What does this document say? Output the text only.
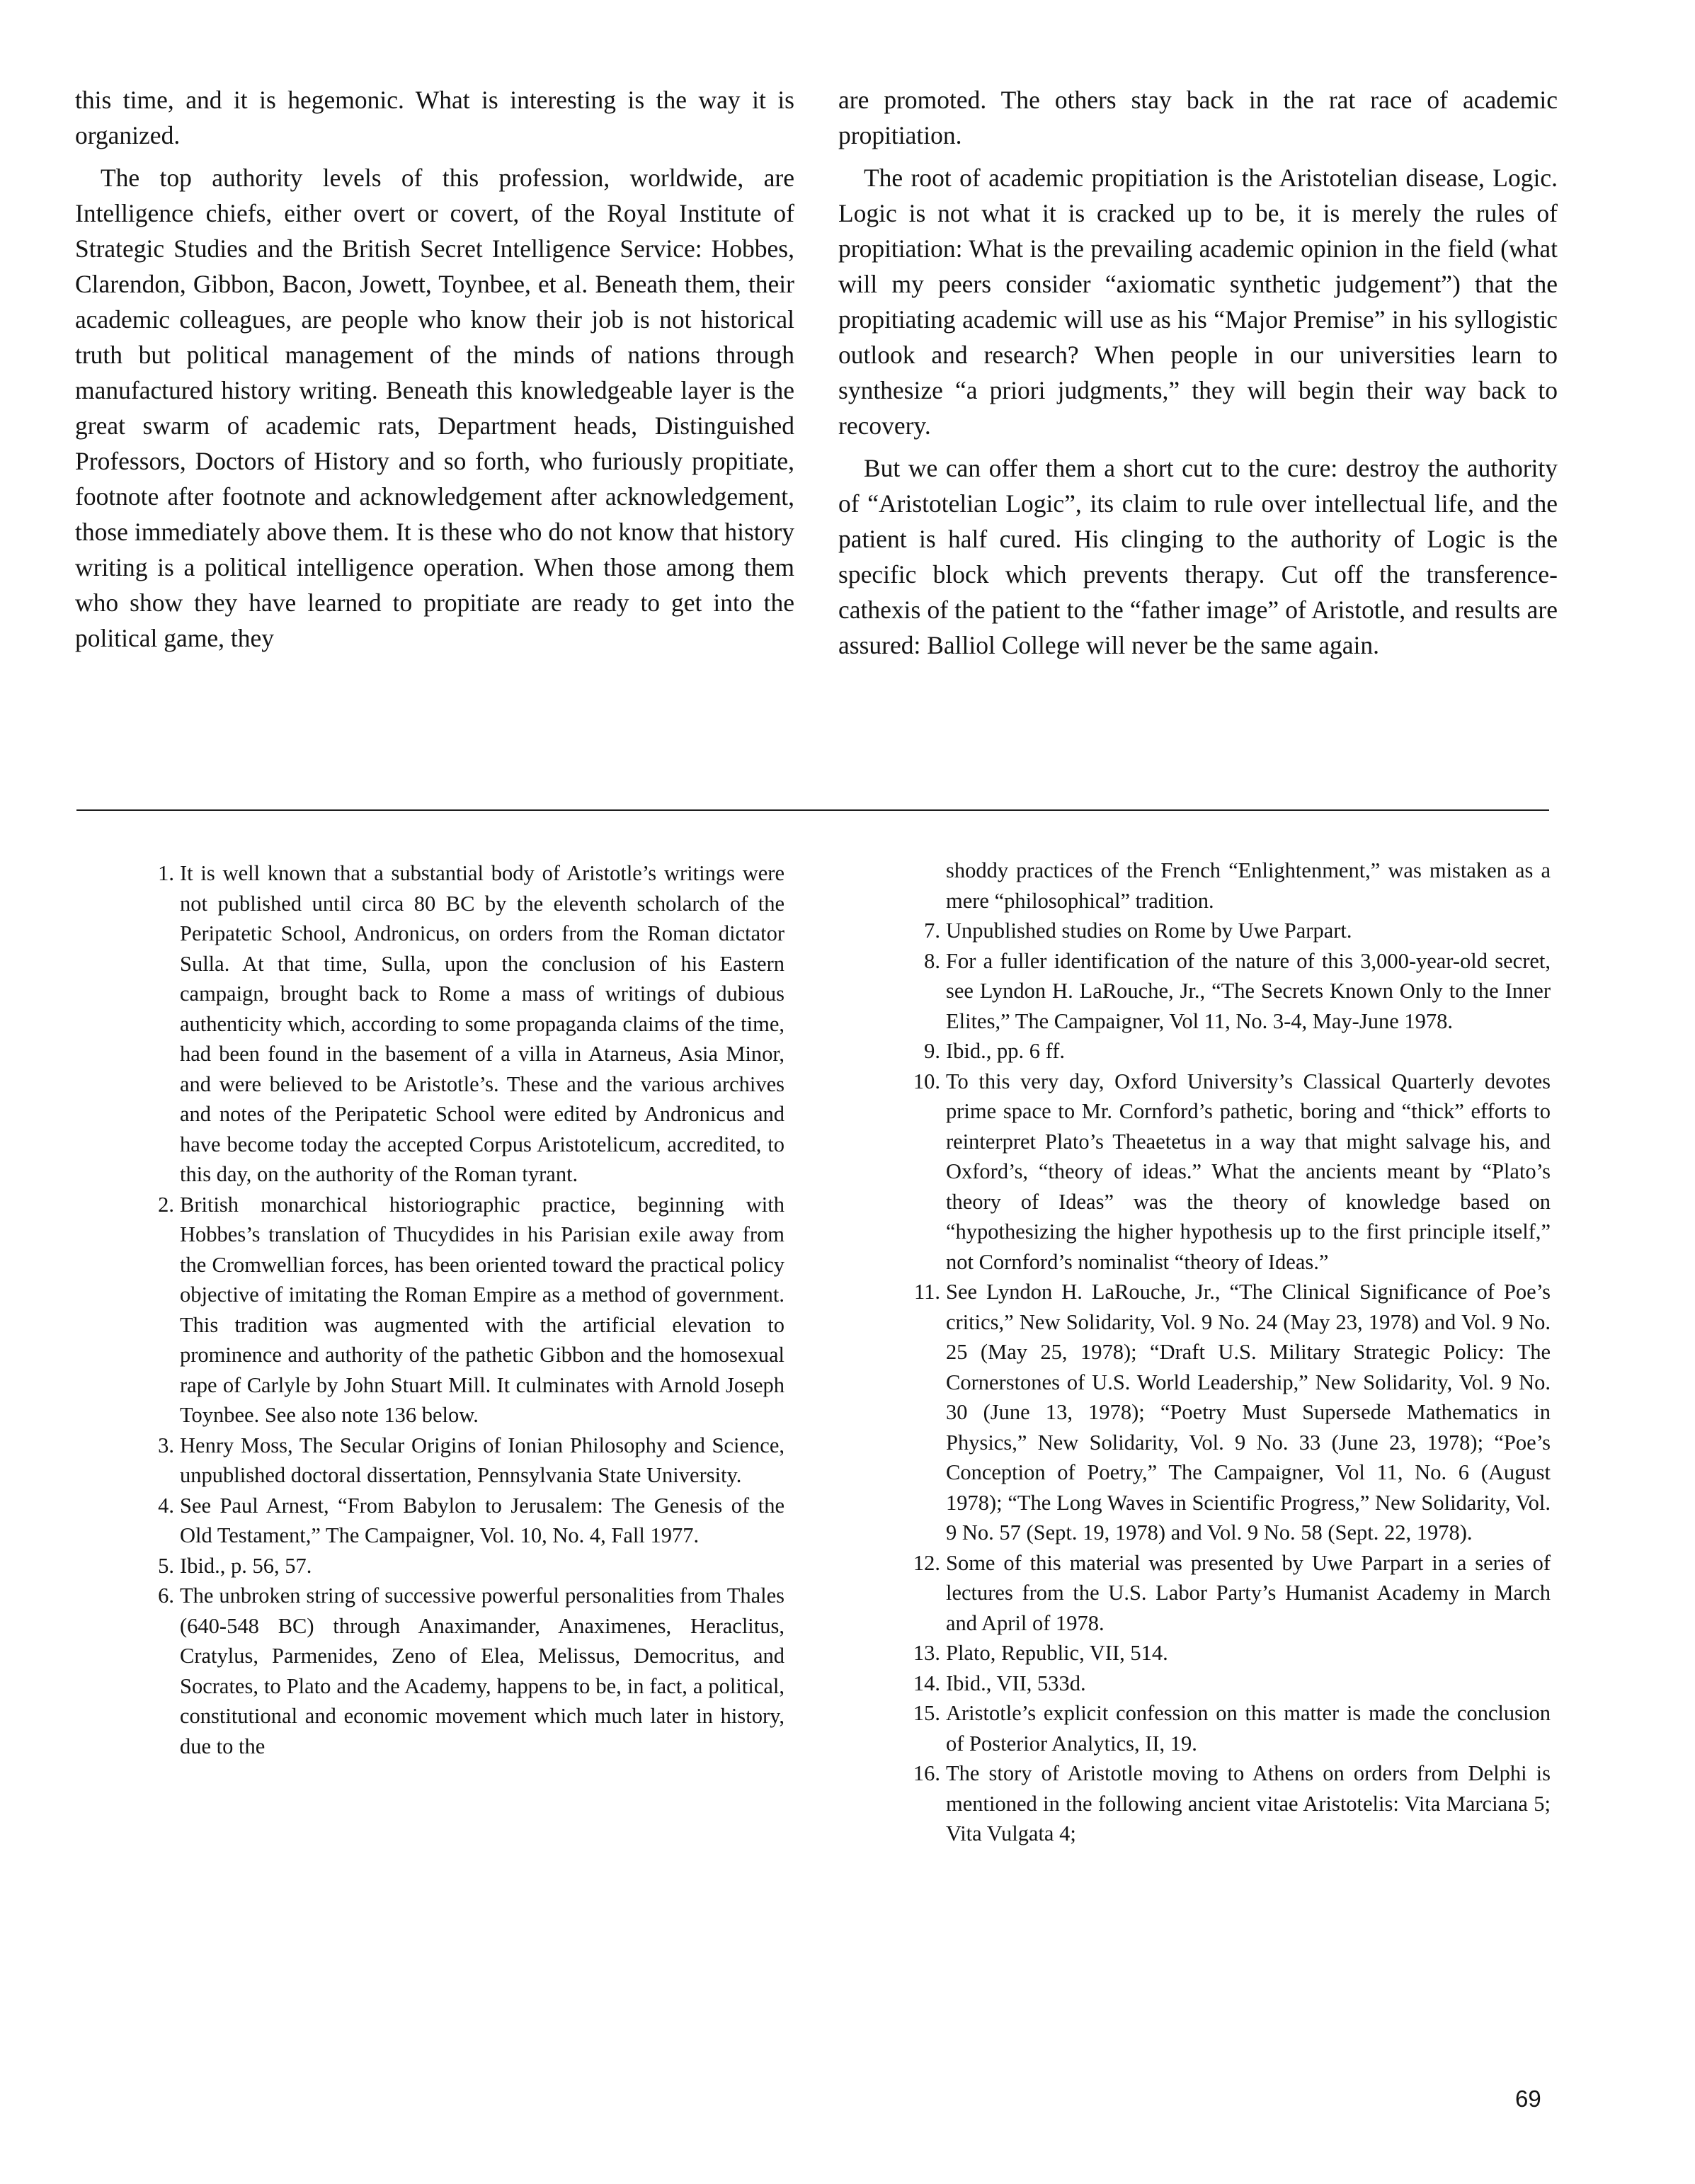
this time, and it is hegemonic. What is interesting is the way it is organized.

The top authority levels of this profession, worldwide, are Intelligence chiefs, either overt or covert, of the Royal Institute of Strategic Studies and the British Secret Intelligence Service: Hobbes, Clarendon, Gibbon, Bacon, Jowett, Toynbee, et al. Beneath them, their academic colleagues, are people who know their job is not historical truth but political management of the minds of nations through manufactured history writing. Beneath this knowledgeable layer is the great swarm of academic rats, Department heads, Distinguished Professors, Doctors of History and so forth, who furiously propitiate, footnote after footnote and acknowledgement after acknowledgement, those immediately above them. It is these who do not know that history writing is a political intelligence operation. When those among them who show they have learned to propitiate are ready to get into the political game, they

are promoted. The others stay back in the rat race of academic propitiation.

The root of academic propitiation is the Aristotelian disease, Logic. Logic is not what it is cracked up to be, it is merely the rules of propitiation: What is the prevailing academic opinion in the field (what will my peers consider “axiomatic synthetic judgement”) that the propitiating academic will use as his “Major Premise” in his syllogistic outlook and research? When people in our universities learn to synthesize “a priori judgments,” they will begin their way back to recovery.

But we can offer them a short cut to the cure: destroy the authority of “Aristotelian Logic”, its claim to rule over intellectual life, and the patient is half cured. His clinging to the authority of Logic is the specific block which prevents therapy. Cut off the transference-cathexis of the patient to the “father image” of Aristotle, and results are assured: Balliol College will never be the same again.

1. It is well known that a substantial body of Aristotle’s writings were not published until circa 80 BC by the eleventh scholarch of the Peripatetic School, Andronicus, on orders from the Roman dictator Sulla. At that time, Sulla, upon the conclusion of his Eastern campaign, brought back to Rome a mass of writings of dubious authenticity which, according to some propaganda claims of the time, had been found in the basement of a villa in Atarneus, Asia Minor, and were believed to be Aristotle’s. These and the various archives and notes of the Peripatetic School were edited by Andronicus and have become today the accepted Corpus Aristotelicum, accredited, to this day, on the authority of the Roman tyrant.
2. British monarchical historiographic practice, beginning with Hobbes’s translation of Thucydides in his Parisian exile away from the Cromwellian forces, has been oriented toward the practical policy objective of imitating the Roman Empire as a method of government. This tradition was augmented with the artificial elevation to prominence and authority of the pathetic Gibbon and the homosexual rape of Carlyle by John Stuart Mill. It culminates with Arnold Joseph Toynbee. See also note 136 below.
3. Henry Moss, The Secular Origins of Ionian Philosophy and Science, unpublished doctoral dissertation, Pennsylvania State University.
4. See Paul Arnest, “From Babylon to Jerusalem: The Genesis of the Old Testament,” The Campaigner, Vol. 10, No. 4, Fall 1977.
5. Ibid., p. 56, 57.
6. The unbroken string of successive powerful personalities from Thales (640-548 BC) through Anaximander, Anaximenes, Heraclitus, Cratylus, Parmenides, Zeno of Elea, Melissus, Democritus, and Socrates, to Plato and the Academy, happens to be, in fact, a political, constitutional and economic movement which much later in history, due to the
shoddy practices of the French “Enlightenment,” was mistaken as a mere “philosophical” tradition.
7. Unpublished studies on Rome by Uwe Parpart.
8. For a fuller identification of the nature of this 3,000-year-old secret, see Lyndon H. LaRouche, Jr., “The Secrets Known Only to the Inner Elites,” The Campaigner, Vol 11, No. 3-4, May-June 1978.
9. Ibid., pp. 6 ff.
10. To this very day, Oxford University’s Classical Quarterly devotes prime space to Mr. Cornford’s pathetic, boring and “thick” efforts to reinterpret Plato’s Theaetetus in a way that might salvage his, and Oxford’s, “theory of ideas.” What the ancients meant by “Plato’s theory of Ideas” was the theory of knowledge based on “hypothesizing the higher hypothesis up to the first principle itself,” not Cornford’s nominalist “theory of Ideas.”
11. See Lyndon H. LaRouche, Jr., “The Clinical Significance of Poe’s critics,” New Solidarity, Vol. 9 No. 24 (May 23, 1978) and Vol. 9 No. 25 (May 25, 1978); “Draft U.S. Military Strategic Policy: The Cornerstones of U.S. World Leadership,” New Solidarity, Vol. 9 No. 30 (June 13, 1978); “Poetry Must Supersede Mathematics in Physics,” New Solidarity, Vol. 9 No. 33 (June 23, 1978); “Poe’s Conception of Poetry,” The Campaigner, Vol 11, No. 6 (August 1978); “The Long Waves in Scientific Progress,” New Solidarity, Vol. 9 No. 57 (Sept. 19, 1978) and Vol. 9 No. 58 (Sept. 22, 1978).
12. Some of this material was presented by Uwe Parpart in a series of lectures from the U.S. Labor Party’s Humanist Academy in March and April of 1978.
13. Plato, Republic, VII, 514.
14. Ibid., VII, 533d.
15. Aristotle’s explicit confession on this matter is made the conclusion of Posterior Analytics, II, 19.
16. The story of Aristotle moving to Athens on orders from Delphi is mentioned in the following ancient vitae Aristotelis: Vita Marciana 5; Vita Vulgata 4;
69
